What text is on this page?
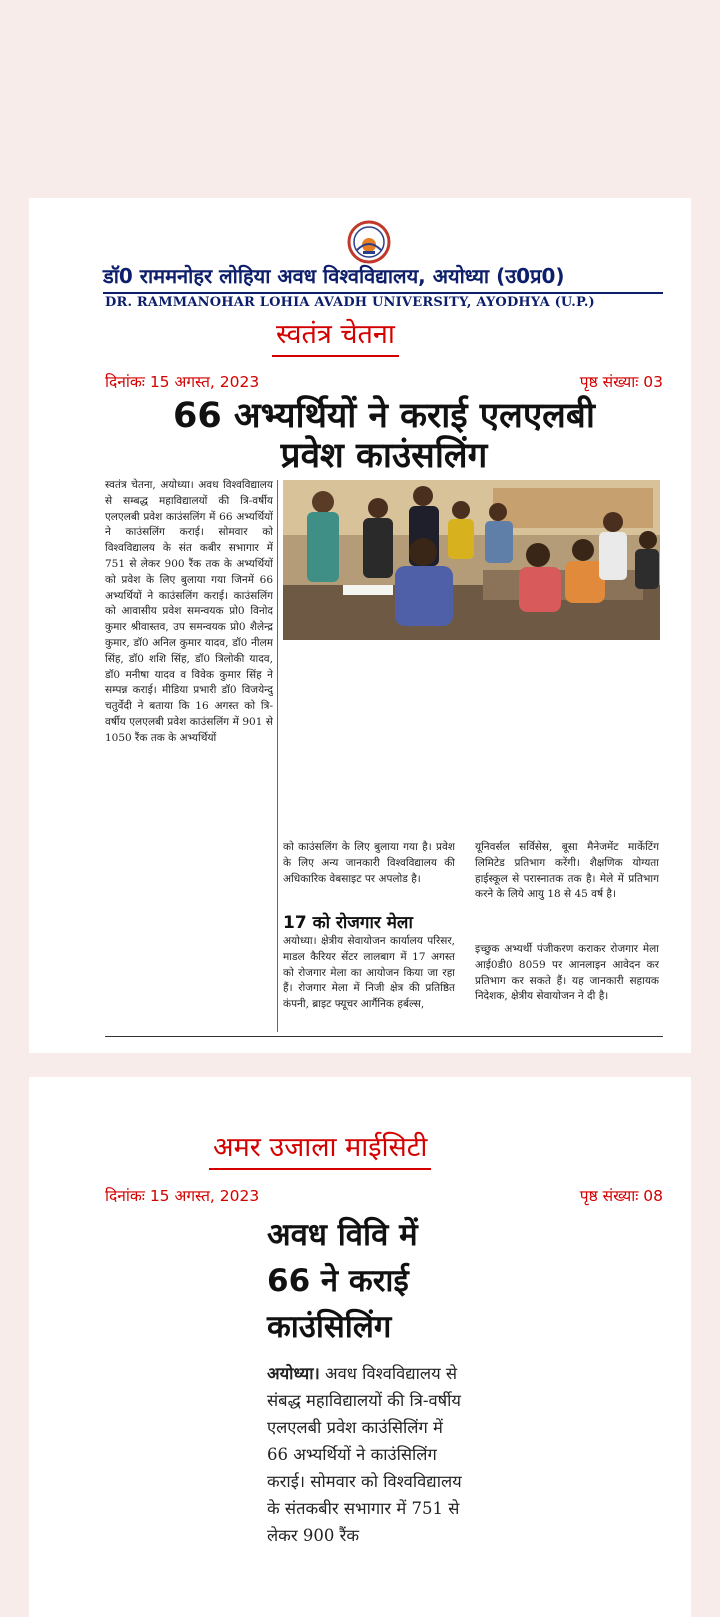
डॉ0 राममनोहर लोहिया अवध विश्वविद्यालय, अयोध्या (उ0प्र0)
DR. RAMMANOHAR LOHIA AVADH UNIVERSITY, AYODHYA (U.P.)
स्वतंत्र चेतना
दिनांकः 15 अगस्त, 2023	पृष्ठ संख्याः 03
66 अभ्यर्थियों ने कराई एलएलबी
प्रवेश काउंसलिंग
स्वतंत्र चेतना, अयोध्या। अवध विश्वविद्यालय से सम्बद्ध महाविद्यालयों की त्रि-वर्षीय एलएलबी प्रवेश काउंसलिंग में 66 अभ्यर्थियों ने काउंसलिंग कराई। सोमवार को विश्वविद्यालय के संत कबीर सभागार में 751 से लेकर 900 रैंक तक के अभ्यर्थियों को प्रवेश के लिए बुलाया गया जिनमें 66 अभ्यर्थियों ने काउंसलिंग कराई। काउंसलिंग को आवासीय प्रवेश समन्वयक प्रो0 विनोद कुमार श्रीवास्तव, उप समन्वयक प्रो0 शैलेन्द्र कुमार, डॉ0 अनिल कुमार यादव, डॉ0 नीलम सिंह, डॉ0 शशि सिंह, डॉ0 त्रिलोकी यादव, डॉ0 मनीषा यादव व विवेक कुमार सिंह ने सम्पन्न कराई। मीडिया प्रभारी डॉ0 विजयेन्दु चतुर्वेदी ने बताया कि 16 अगस्त को त्रि-वर्षीय एलएलबी प्रवेश काउंसलिंग में 901 से 1050 रैंक तक के अभ्यर्थियों
को काउंसलिंग के लिए बुलाया गया है। प्रवेश के लिए अन्य जानकारी विश्वविद्यालय की अधिकारिक वेबसाइट पर अपलोड है।
17 को रोजगार मेला
अयोध्या। क्षेत्रीय सेवायोजन कार्यालय परिसर, माडल कैरियर सेंटर लालबाग में 17 अगस्त को रोजगार मेला का आयोजन किया जा रहा हैं। रोजगार मेला में निजी क्षेत्र की प्रतिष्ठित कंपनी, ब्राइट फ्यूचर आर्गैनिक हर्बल्स,
यूनिवर्सल सर्विसेस, बूसा मैनेजमेंट मार्केटिंग लिमिटेड प्रतिभाग करेंगी। शैक्षणिक योग्यता हाईस्कूल से परास्नातक तक है। मेले में प्रतिभाग करने के लिये आयु 18 से 45 वर्ष है।
इच्छुक अभ्यर्थी पंजीकरण कराकर रोजगार मेला आई0डी0 8059 पर आनलाइन आवेदन कर प्रतिभाग कर सकते हैं। यह जानकारी सहायक निदेशक, क्षेत्रीय सेवायोजन ने दी है।
अमर उजाला माईसिटी
दिनांकः 15 अगस्त, 2023	पृष्ठ संख्याः 08
अवध विवि में
66 ने कराई
काउंसिलिंग
अयोध्या। अवध विश्वविद्यालय से संबद्ध महाविद्यालयों की त्रि-वर्षीय एलएलबी प्रवेश काउंसिलिंग में 66 अभ्यर्थियों ने काउंसिलिंग कराई। सोमवार को विश्वविद्यालय के संतकबीर सभागार में 751 से लेकर 900 रैंक
